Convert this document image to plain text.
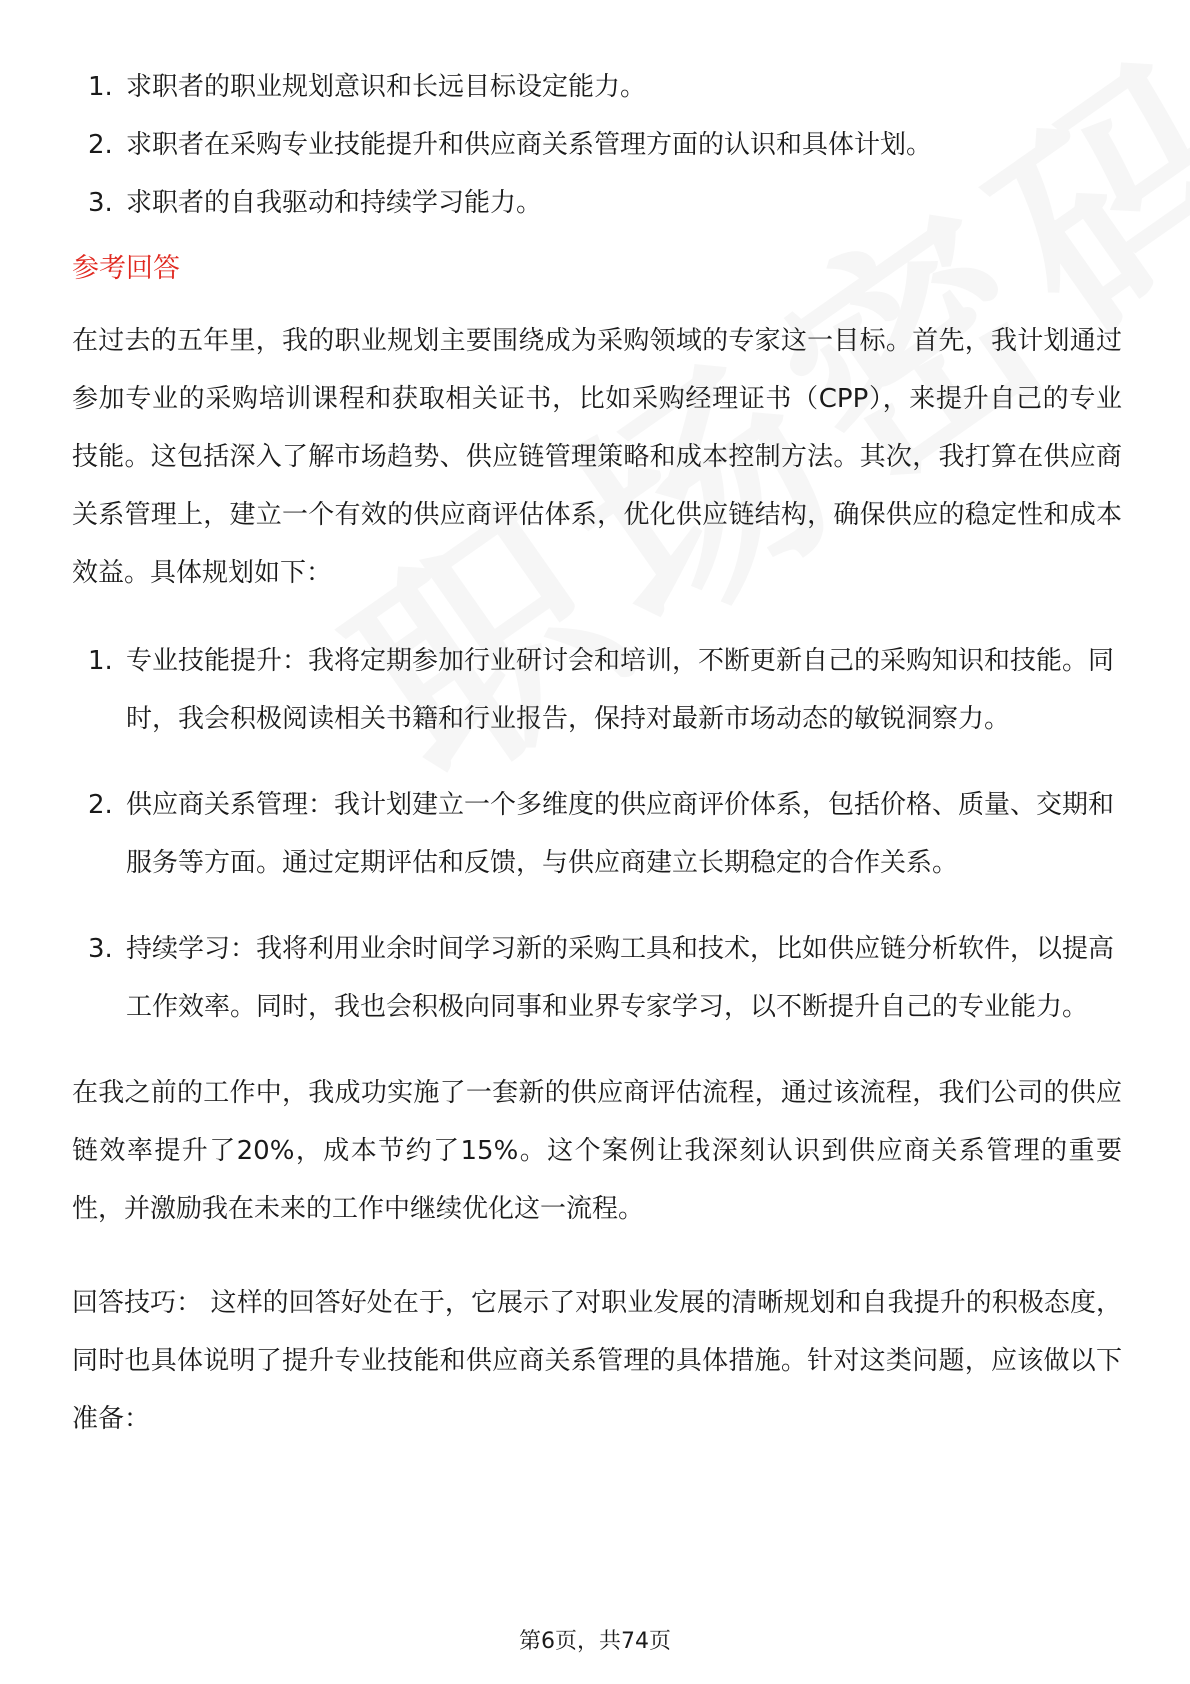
1. 求职者的职业规划意识和长远目标设定能力。
2. 求职者在采购专业技能提升和供应商关系管理方面的认识和具体计划。
3. 求职者的自我驱动和持续学习能力。
参考回答

在过去的五年里，我的职业规划主要围绕成为采购领域的专家这一目标。首先，我计划通过参加专业的采购培训课程和获取相关证书，比如采购经理证书（CPP），来提升自己的专业技能。这包括深入了解市场趋势、供应链管理策略和成本控制方法。其次，我打算在供应商关系管理上，建立一个有效的供应商评估体系，优化供应链结构，确保供应的稳定性和成本效益。具体规划如下：

1. 专业技能提升：我将定期参加行业研讨会和培训，不断更新自己的采购知识和技能。同时，我会积极阅读相关书籍和行业报告，保持对最新市场动态的敏锐洞察力。
2. 供应商关系管理：我计划建立一个多维度的供应商评价体系，包括价格、质量、交期和服务等方面。通过定期评估和反馈，与供应商建立长期稳定的合作关系。
3. 持续学习：我将利用业余时间学习新的采购工具和技术，比如供应链分析软件，以提高工作效率。同时，我也会积极向同事和业界专家学习，以不断提升自己的专业能力。

在我之前的工作中，我成功实施了一套新的供应商评估流程，通过该流程，我们公司的供应链效率提升了20%，成本节约了15%。这个案例让我深刻认识到供应商关系管理的重要性，并激励我在未来的工作中继续优化这一流程。

回答技巧： 这样的回答好处在于，它展示了对职业发展的清晰规划和自我提升的积极态度，同时也具体说明了提升专业技能和供应商关系管理的具体措施。针对这类问题，应该做以下准备：

第6页，共74页
